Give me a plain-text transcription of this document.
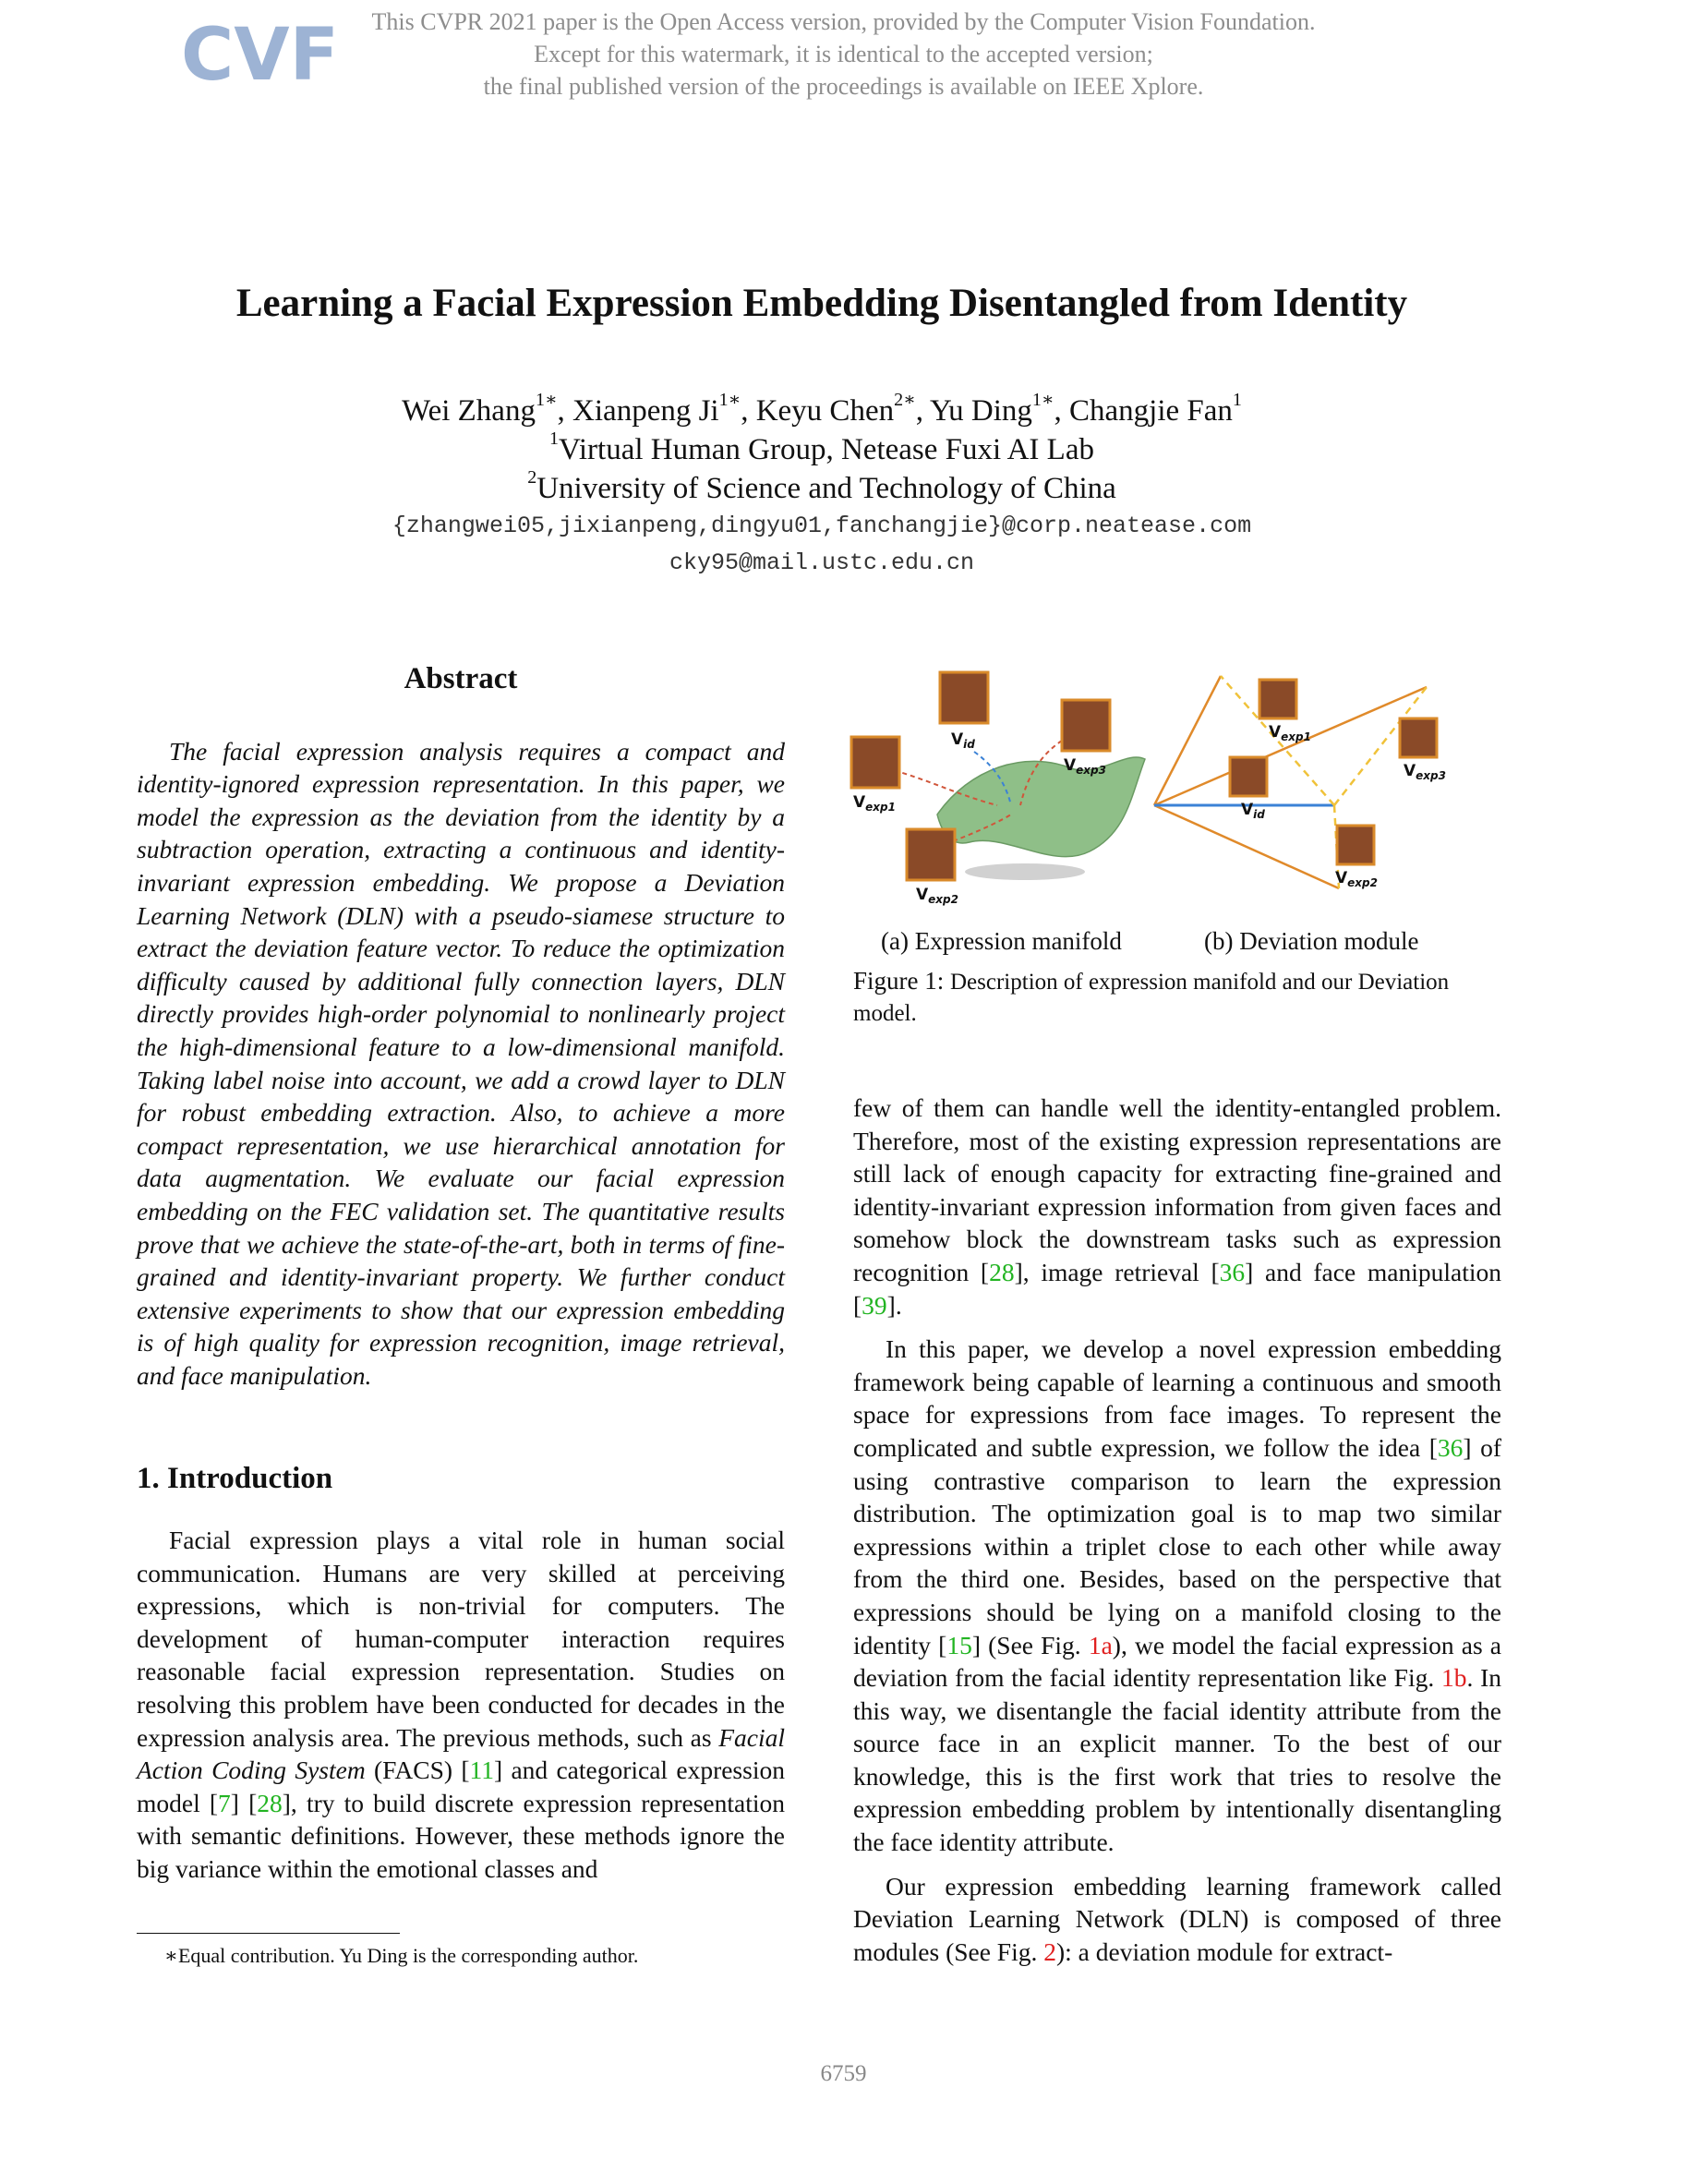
CVF	This CVPR 2021 paper is the Open Access version, provided by the Computer Vision Foundation.
Except for this watermark, it is identical to the accepted version;
the final published version of the proceedings is available on IEEE Xplore.
Learning a Facial Expression Embedding Disentangled from Identity
Wei Zhang$^{1∗}$, Xianpeng $Ji^{1∗}$, Keyu Chen$^{2∗}$, Yu Ding$^{1∗}$, Changjie Fan$^1$
$^1$Virtual Human Group, Netease Fuxi AI Lab
$^2$University of Science and Technology of China
{zhangwei05,jixianpeng,dingyu01,fanchangjie}@corp.neatease.com
cky95@mail.ustc.edu.cn
Abstract

The facial expression analysis requires a compact and identity-ignored expression representation. In this paper, we model the expression as the deviation from the identity by a subtraction operation, extracting a continuous and identity-invariant expression embedding. We propose a Deviation Learning Network (DLN) with a pseudo-siamese structure to extract the deviation feature vector. To reduce the optimization difficulty caused by additional fully connection layers, DLN directly provides high-order polynomial to nonlinearly project the high-dimensional feature to a low-dimensional manifold. Taking label noise into account, we add a crowd layer to DLN for robust embedding extraction. Also, to achieve a more compact representation, we use hierarchical annotation for data augmentation. We evaluate our facial expression embedding on the FEC validation set. The quantitative results prove that we achieve the state-of-the-art, both in terms of fine-grained and identity-invariant property. We further conduct extensive experiments to show that our expression embedding is of high quality for expression recognition, image retrieval, and face manipulation.

1. Introduction

Facial expression plays a vital role in human social communication. Humans are very skilled at perceiving expressions, which is non-trivial for computers. The development of human-computer interaction requires reasonable facial expression representation. Studies on resolving this problem have been conducted for decades in the expression analysis area. The previous methods, such as Facial Action Coding System (FACS) [11] and categorical expression model [7] [28], try to build discrete expression representation with semantic definitions. However, these methods ignore the big variance within the emotional classes and

∗Equal contribution. Yu Ding is the corresponding author.
$V_{id}$
$V_{exp1}$
$V_{exp3}$
$V_{exp2}$
$V_{exp1}$
$V_{id}$
$V_{exp3}$
$V_{exp2}$
(a) Expression manifold	(b) Deviation module
Figure 1: Description of expression manifold and our Deviation model.

few of them can handle well the identity-entangled problem. Therefore, most of the existing expression representations are still lack of enough capacity for extracting fine-grained and identity-invariant expression information from given faces and somehow block the downstream tasks such as expression recognition [28], image retrieval [36] and face manipulation [39].

In this paper, we develop a novel expression embedding framework being capable of learning a continuous and smooth space for expressions from face images. To represent the complicated and subtle expression, we follow the idea [36] of using contrastive comparison to learn the expression distribution. The optimization goal is to map two similar expressions within a triplet close to each other while away from the third one. Besides, based on the perspective that expressions should be lying on a manifold closing to the identity [15] (See Fig. 1a), we model the facial expression as a deviation from the facial identity representation like Fig. 1b. In this way, we disentangle the facial identity attribute from the source face in an explicit manner. To the best of our knowledge, this is the first work that tries to resolve the expression embedding problem by intentionally disentangling the face identity attribute.

Our expression embedding learning framework called Deviation Learning Network (DLN) is composed of three modules (See Fig. 2): a deviation module for extract-

6759
